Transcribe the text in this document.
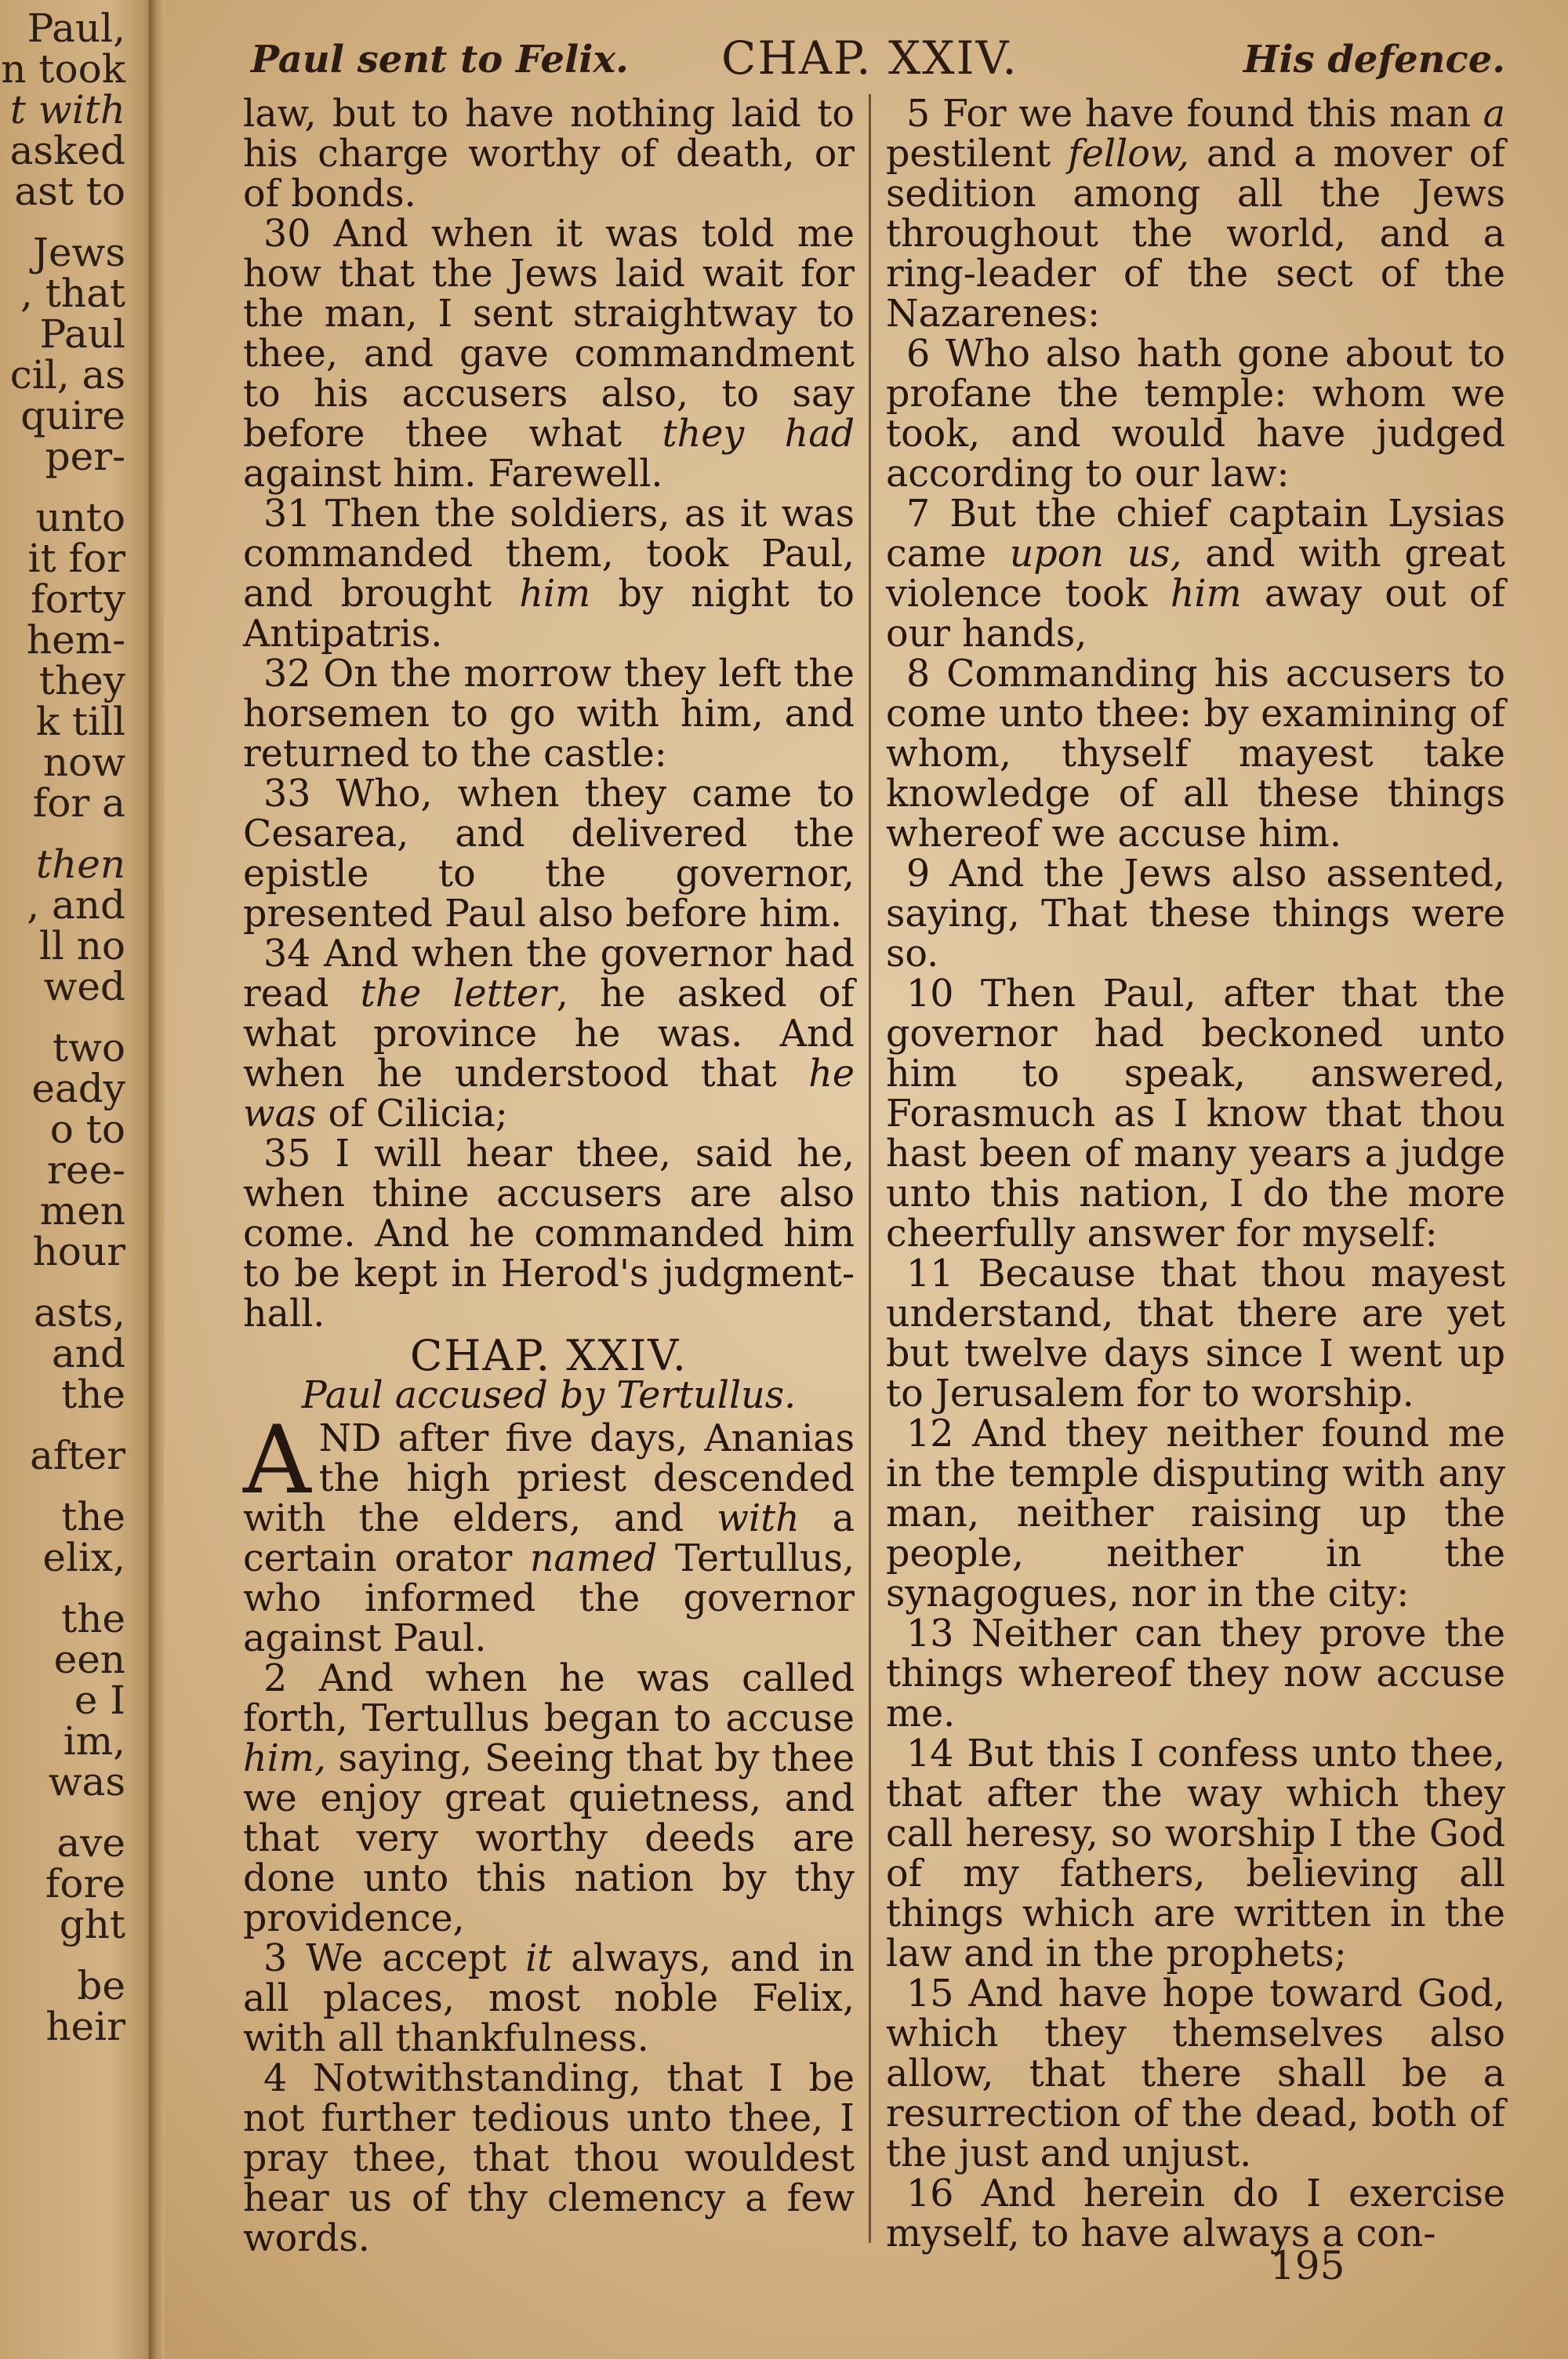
Paul,
n took
t with
asked
ast to
Jews
, that
Paul
cil, as
quire
per-
unto
it for
forty
hem-
they
k till
now
for a
then
, and
ll no
wed
two
eady
o to
ree-
men
hour
asts,
and
the
after
the
elix,
the
een
e I
im,
was
ave
fore
ght
be
heir
Paul sent to Felix. CHAP. XXIV.	His defence.

law, but to have nothing laid to his charge worthy of death, or of bonds.

30 And when it was told me how that the Jews laid wait for the man, I sent straightway to thee, and gave commandment to his accusers also, to say before thee what they had against him. Farewell.

31 Then the soldiers, as it was commanded them, took Paul, and brought him by night to Antipatris.

32 On the morrow they left the horsemen to go with him, and returned to the castle:

33 Who, when they came to Cesarea, and delivered the epistle to the governor, presented Paul also before him.

34 And when the governor had read the letter, he asked of what province he was. And when he understood that he was of Cilicia;

35 I will hear thee, said he, when thine accusers are also come. And he commanded him to be kept in Herod's judgment-hall.

CHAP. XXIV.
Paul accused by Tertullus.

AND after five days, Ananias the high priest descended with the elders, and with a certain orator named Tertullus, who informed the governor against Paul.

2 And when he was called forth, Tertullus began to accuse him, saying, Seeing that by thee we enjoy great quietness, and that very worthy deeds are done unto this nation by thy providence,

3 We accept it always, and in all places, most noble Felix, with all thankfulness.

4 Notwithstanding, that I be not further tedious unto thee, I pray thee, that thou wouldest hear us of thy clemency a few words.

5 For we have found this man a pestilent fellow, and a mover of sedition among all the Jews throughout the world, and a ring-leader of the sect of the Nazarenes:

6 Who also hath gone about to profane the temple: whom we took, and would have judged according to our law:

7 But the chief captain Lysias came upon us, and with great violence took him away out of our hands,

8 Commanding his accusers to come unto thee: by examining of whom, thyself mayest take knowledge of all these things whereof we accuse him.

9 And the Jews also assented, saying, That these things were so.

10 Then Paul, after that the governor had beckoned unto him to speak, answered, Forasmuch as I know that thou hast been of many years a judge unto this nation, I do the more cheerfully answer for myself:

11 Because that thou mayest understand, that there are yet but twelve days since I went up to Jerusalem for to worship.

12 And they neither found me in the temple disputing with any man, neither raising up the people, neither in the synagogues, nor in the city:

13 Neither can they prove the things whereof they now accuse me.

14 But this I confess unto thee, that after the way which they call heresy, so worship I the God of my fathers, believing all things which are written in the law and in the prophets;

15 And have hope toward God, which they themselves also allow, that there shall be a resurrection of the dead, both of the just and unjust.

16 And herein do I exercise myself, to have always a con-

195
